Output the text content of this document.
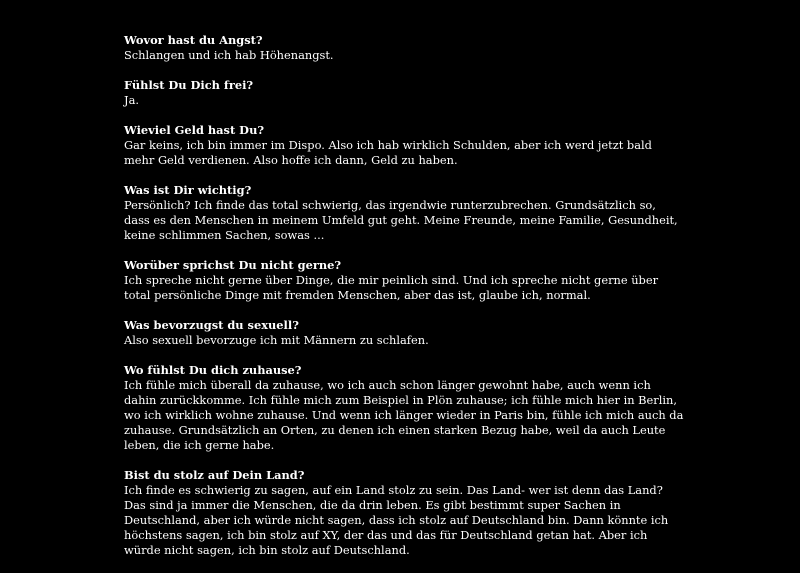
Wovor hast du Angst?

Schlangen und ich hab Höhenangst.

Fühlst Du Dich frei?

Ja.

Wieviel Geld hast Du?

Gar keins, ich bin immer im Dispo. Also ich hab wirklich Schulden, aber ich werd jetzt bald mehr Geld verdienen. Also hoffe ich dann, Geld zu haben.

Was ist Dir wichtig?

Persönlich? Ich finde das total schwierig, das irgendwie runterzubrechen. Grundsätzlich so, dass es den Menschen in meinem Umfeld gut geht. Meine Freunde, meine Familie, Gesundheit, keine schlimmen Sachen, sowas ...

Worüber sprichst Du nicht gerne?

Ich spreche nicht gerne über Dinge, die mir peinlich sind. Und ich spreche nicht gerne über total persönliche Dinge mit fremden Menschen, aber das ist, glaube ich, normal.

Was bevorzugst du sexuell?

Also sexuell bevorzuge ich mit Männern zu schlafen.

Wo fühlst Du dich zuhause?

Ich fühle mich überall da zuhause, wo ich auch schon länger gewohnt habe, auch wenn ich dahin zurückkomme. Ich fühle mich zum Beispiel in Plön zuhause; ich fühle mich hier in Berlin, wo ich wirklich wohne zuhause. Und wenn ich länger wieder in Paris bin, fühle ich mich auch da zuhause. Grundsätzlich an Orten, zu denen ich einen starken Bezug habe, weil da auch Leute leben, die ich gerne habe.

Bist du stolz auf Dein Land?

Ich finde es schwierig zu sagen, auf ein Land stolz zu sein. Das Land- wer ist denn das Land? Das sind ja immer die Menschen, die da drin leben. Es gibt bestimmt super Sachen in Deutschland, aber ich würde nicht sagen, dass ich stolz auf Deutschland bin. Dann könnte ich höchstens sagen, ich bin stolz auf XY, der das und das für Deutschland getan hat. Aber ich würde nicht sagen, ich bin stolz auf Deutschland.
